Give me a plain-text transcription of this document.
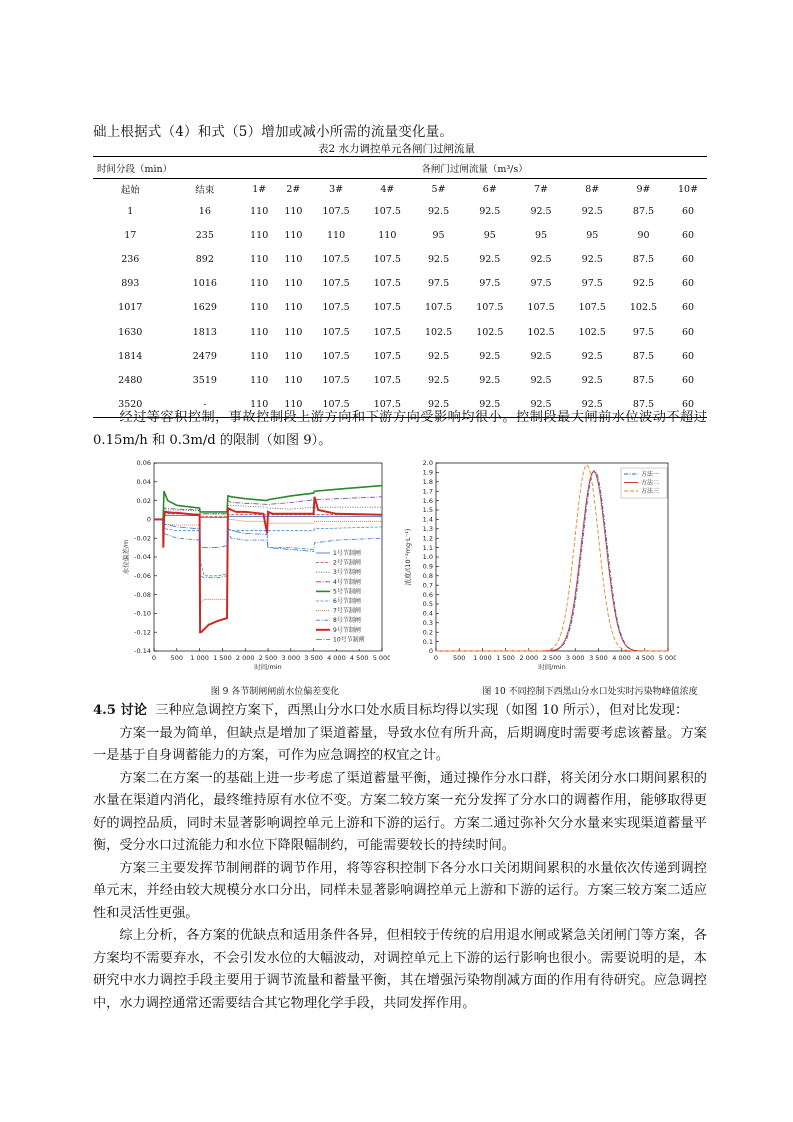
础上根据式（4）和式（5）增加或减小所需的流量变化量。
表2 水力调控单元各闸门过闸流量
时间分段（min）		各闸门过闸流量（m³/s）									
起始	结束	1#	2#	3#	4#	5#	6#	7#	8#	9#	10#
1	16	110	110	107.5	107.5	92.5	92.5	92.5	92.5	87.5	60
17	235	110	110	110	110	95	95	95	95	90	60
236	892	110	110	107.5	107.5	92.5	92.5	92.5	92.5	87.5	60
893	1016	110	110	107.5	107.5	97.5	97.5	97.5	97.5	92.5	60
1017	1629	110	110	107.5	107.5	107.5	107.5	107.5	107.5	102.5	60
1630	1813	110	110	107.5	107.5	102.5	102.5	102.5	102.5	97.5	60
1814	2479	110	110	107.5	107.5	92.5	92.5	92.5	92.5	87.5	60
2480	3519	110	110	107.5	107.5	92.5	92.5	92.5	92.5	87.5	60
3520	-	110	110	107.5	107.5	92.5	92.5	92.5	92.5	87.5	60

经过等容积控制，事故控制段上游方向和下游方向受影响均很小。控制段最大闸前水位波动不超过 0.15m/h 和 0.3m/d 的限制（如图 9）。

0 500 1 000 1 500 2 000 2 500 3 000 3 500 4 000 4 500 5 000
0.06
0.04
0.02
0
-0.02
-0.04
-0.06
-0.08
-0.10
-0.12
-0.14
时间/min
水位偏差/m	1号节制闸
2号节制闸
3号节制闸
4号节制闸
5号节制闸
6号节制闸
7号节制闸
8号节制闸
9号节制闸
10号节制闸
图 9 各节制闸闸前水位偏差变化
0 500 1 000 1 500 2 000 2 500 3 000 3 500 4 000 4 500 5 000
2.0
1.9
1.8
1.7
1.6
1.5
1.4
1.3
1.2
1.1
1.0
0.9
0.8
0.7
0.6
0.5
0.4
0.3
0.2
0.1
0
时间/min
浓度/(10⁻³mg·L⁻¹)
方法一
方法二
方法三
图 10 不同控制下西黑山分水口处实时污染物峰值浓度

4.5 讨论 三种应急调控方案下，西黑山分水口处水质目标均得以实现（如图 10 所示），但对比发现：

方案一最为简单，但缺点是增加了渠道蓄量，导致水位有所升高，后期调度时需要考虑该蓄量。方案一是基于自身调蓄能力的方案，可作为应急调控的权宜之计。

方案二在方案一的基础上进一步考虑了渠道蓄量平衡，通过操作分水口群，将关闭分水口期间累积的水量在渠道内消化，最终维持原有水位不变。方案二较方案一充分发挥了分水口的调蓄作用，能够取得更好的调控品质，同时未显著影响调控单元上游和下游的运行。方案二通过弥补欠分水量来实现渠道蓄量平衡，受分水口过流能力和水位下降限幅制约，可能需要较长的持续时间。

方案三主要发挥节制闸群的调节作用，将等容积控制下各分水口关闭期间累积的水量依次传递到调控单元末，并经由较大规模分水口分出，同样未显著影响调控单元上游和下游的运行。方案三较方案二适应性和灵活性更强。

综上分析，各方案的优缺点和适用条件各异，但相较于传统的启用退水闸或紧急关闭闸门等方案，各方案均不需要弃水，不会引发水位的大幅波动，对调控单元上下游的运行影响也很小。需要说明的是，本研究中水力调控手段主要用于调节流量和蓄量平衡，其在增强污染物削减方面的作用有待研究。应急调控中，水力调控通常还需要结合其它物理化学手段，共同发挥作用。
